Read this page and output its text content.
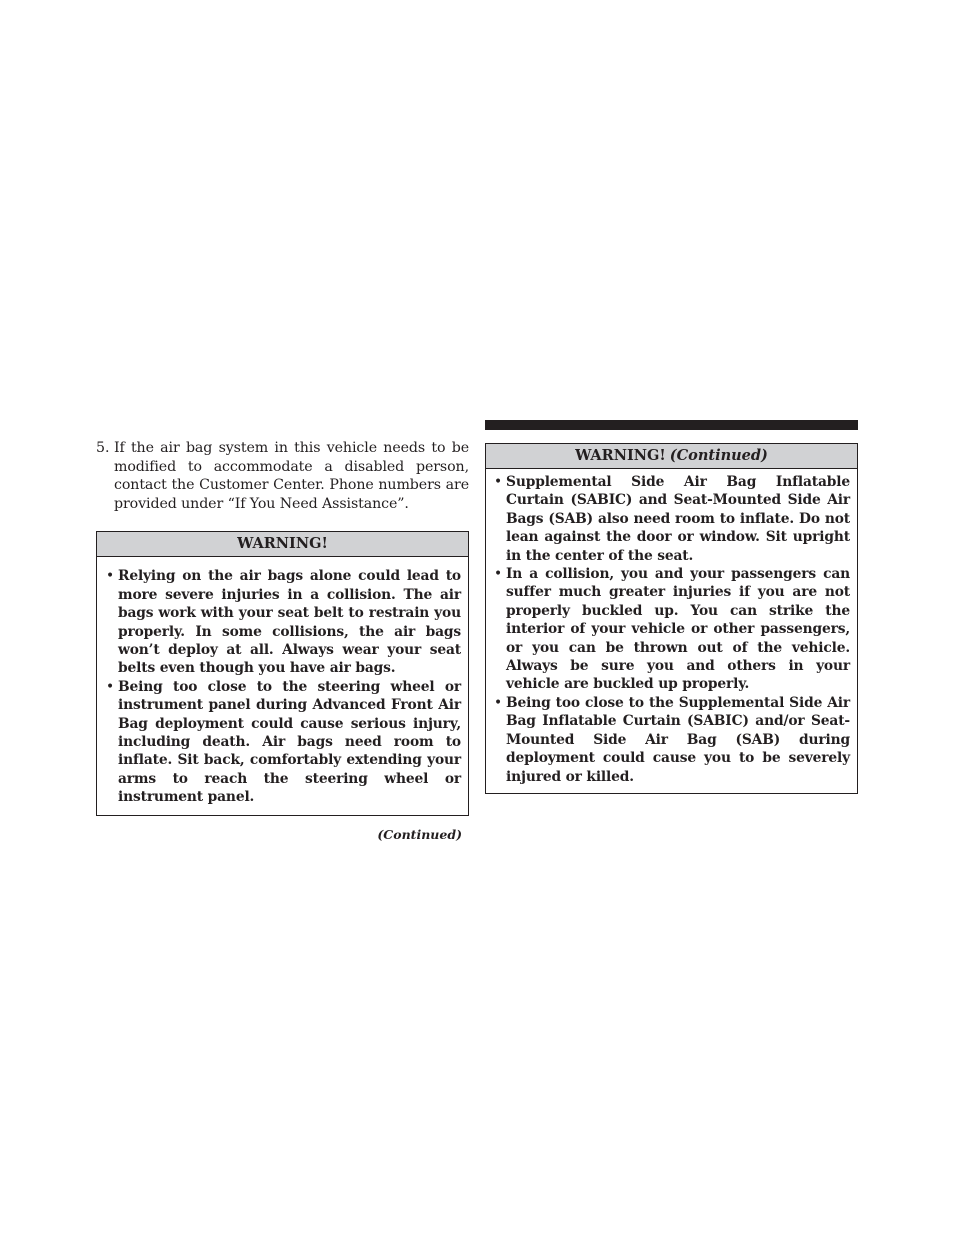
5. If the air bag system in this vehicle needs to be modified to accommodate a disabled person, contact the Customer Center. Phone numbers are provided under “If You Need Assistance”.
WARNING!
• Relying on the air bags alone could lead to more severe injuries in a collision. The air bags work with your seat belt to restrain you properly. In some collisions, the air bags won’t deploy at all. Always wear your seat belts even though you have air bags.
• Being too close to the steering wheel or instrument panel during Advanced Front Air Bag deployment could cause serious injury, including death. Air bags need room to inflate. Sit back, comfortably extending your arms to reach the steering wheel or instrument panel.
(Continued)
WARNING! (Continued)
• Supplemental Side Air Bag Inflatable Curtain (SABIC) and Seat-Mounted Side Air Bags (SAB) also need room to inflate. Do not lean against the door or window. Sit upright in the center of the seat.
• In a collision, you and your passengers can suffer much greater injuries if you are not properly buckled up. You can strike the interior of your vehicle or other passengers, or you can be thrown out of the vehicle. Always be sure you and others in your vehicle are buckled up properly.
• Being too close to the Supplemental Side Air Bag Inflatable Curtain (SABIC) and/or Seat-Mounted Side Air Bag (SAB) during deployment could cause you to be severely injured or killed.
